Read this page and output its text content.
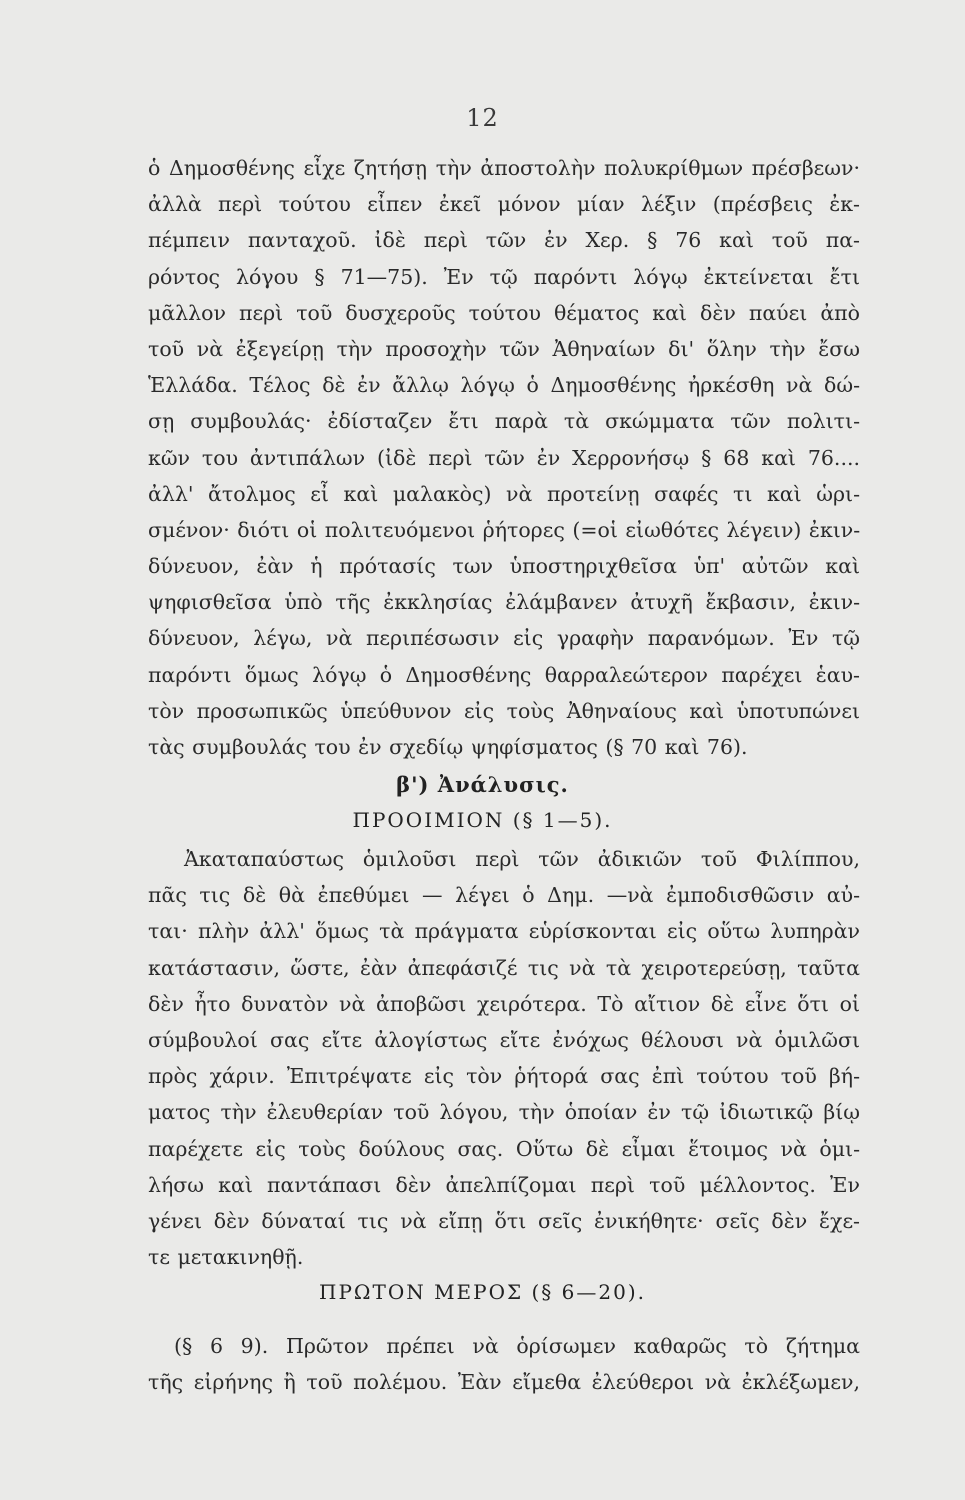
12
ὁ Δημοσθένης εἶχε ζητήσῃ τὴν ἀποστολὴν πολυκρίθμων πρέσβεων·
ἀλλὰ περὶ τούτου εἶπεν ἐκεῖ μόνον μίαν λέξιν (πρέσβεις ἐκ-
πέμπειν πανταχοῦ. ἰδὲ περὶ τῶν ἐν Χερ. § 76 καὶ τοῦ πα-
ρόντος λόγου § 71—75). Ἐν τῷ παρόντι λόγῳ ἐκτείνεται ἔτι
μᾶλλον περὶ τοῦ δυσχεροῦς τούτου θέματος καὶ δὲν παύει ἀπὸ
τοῦ νὰ ἐξεγείρῃ τὴν προσοχὴν τῶν Ἀθηναίων δι' ὅλην τὴν ἔσω
Ἑλλάδα. Τέλος δὲ ἐν ἄλλῳ λόγῳ ὁ Δημοσθένης ἠρκέσθη νὰ δώ-
σῃ συμβουλάς· ἐδίσταζεν ἔτι παρὰ τὰ σκώμματα τῶν πολιτι-
κῶν του ἀντιπάλων (ἰδὲ περὶ τῶν ἐν Χερρονήσῳ § 68 καὶ 76....
ἀλλ' ἄτολμος εἶ καὶ μαλακὸς) νὰ προτείνῃ σαφές τι καὶ ὡρι-
σμένον· διότι οἱ πολιτευόμενοι ῥήτορες (=οἱ εἰωθότες λέγειν) ἐκιν-
δύνευον, ἐὰν ἡ πρότασίς των ὑποστηριχθεῖσα ὑπ' αὐτῶν καὶ
ψηφισθεῖσα ὑπὸ τῆς ἐκκλησίας ἐλάμβανεν ἀτυχῆ ἔκβασιν, ἐκιν-
δύνευον, λέγω, νὰ περιπέσωσιν εἰς γραφὴν παρανόμων. Ἐν τῷ
παρόντι ὅμως λόγῳ ὁ Δημοσθένης θαρραλεώτερον παρέχει ἑαυ-
τὸν προσωπικῶς ὑπεύθυνον εἰς τοὺς Ἀθηναίους καὶ ὑποτυπώνει
τὰς συμβουλάς του ἐν σχεδίῳ ψηφίσματος (§ 70 καὶ 76).
β') Ἀνάλυσις.
ΠΡΟΟΙΜΙΟΝ (§ 1—5).
Ἀκαταπαύστως ὁμιλοῦσι περὶ τῶν ἀδικιῶν τοῦ Φιλίππου,
πᾶς τις δὲ θὰ ἐπεθύμει — λέγει ὁ Δημ. —νὰ ἐμποδισθῶσιν αὐ-
ται· πλὴν ἀλλ' ὅμως τὰ πράγματα εὑρίσκονται εἰς οὕτω λυπηρὰν
κατάστασιν, ὥστε, ἐὰν ἀπεφάσιζέ τις νὰ τὰ χειροτερεύσῃ, ταῦτα
δὲν ἦτο δυνατὸν νὰ ἀποβῶσι χειρότερα. Τὸ αἴτιον δὲ εἶνε ὅτι οἱ
σύμβουλοί σας εἴτε ἀλογίστως εἴτε ἐνόχως θέλουσι νὰ ὁμιλῶσι
πρὸς χάριν. Ἐπιτρέψατε εἰς τὸν ῥήτορά σας ἐπὶ τούτου τοῦ βή-
ματος τὴν ἐλευθερίαν τοῦ λόγου, τὴν ὁποίαν ἐν τῷ ἰδιωτικῷ βίῳ
παρέχετε εἰς τοὺς δούλους σας. Οὕτω δὲ εἶμαι ἕτοιμος νὰ ὁμι-
λήσω καὶ παντάπασι δὲν ἀπελπίζομαι περὶ τοῦ μέλλοντος. Ἐν
γένει δὲν δύναταί τις νὰ εἴπῃ ὅτι σεῖς ἐνικήθητε· σεῖς δὲν ἔχε-
τε μετακινηθῇ.
ΠΡΩΤΟΝ ΜΕΡΟΣ (§ 6—20).
(§ 6 9). Πρῶτον πρέπει νὰ ὁρίσωμεν καθαρῶς τὸ ζήτημα
τῆς εἰρήνης ἢ τοῦ πολέμου. Ἐὰν εἴμεθα ἐλεύθεροι νὰ ἐκλέξωμεν,
